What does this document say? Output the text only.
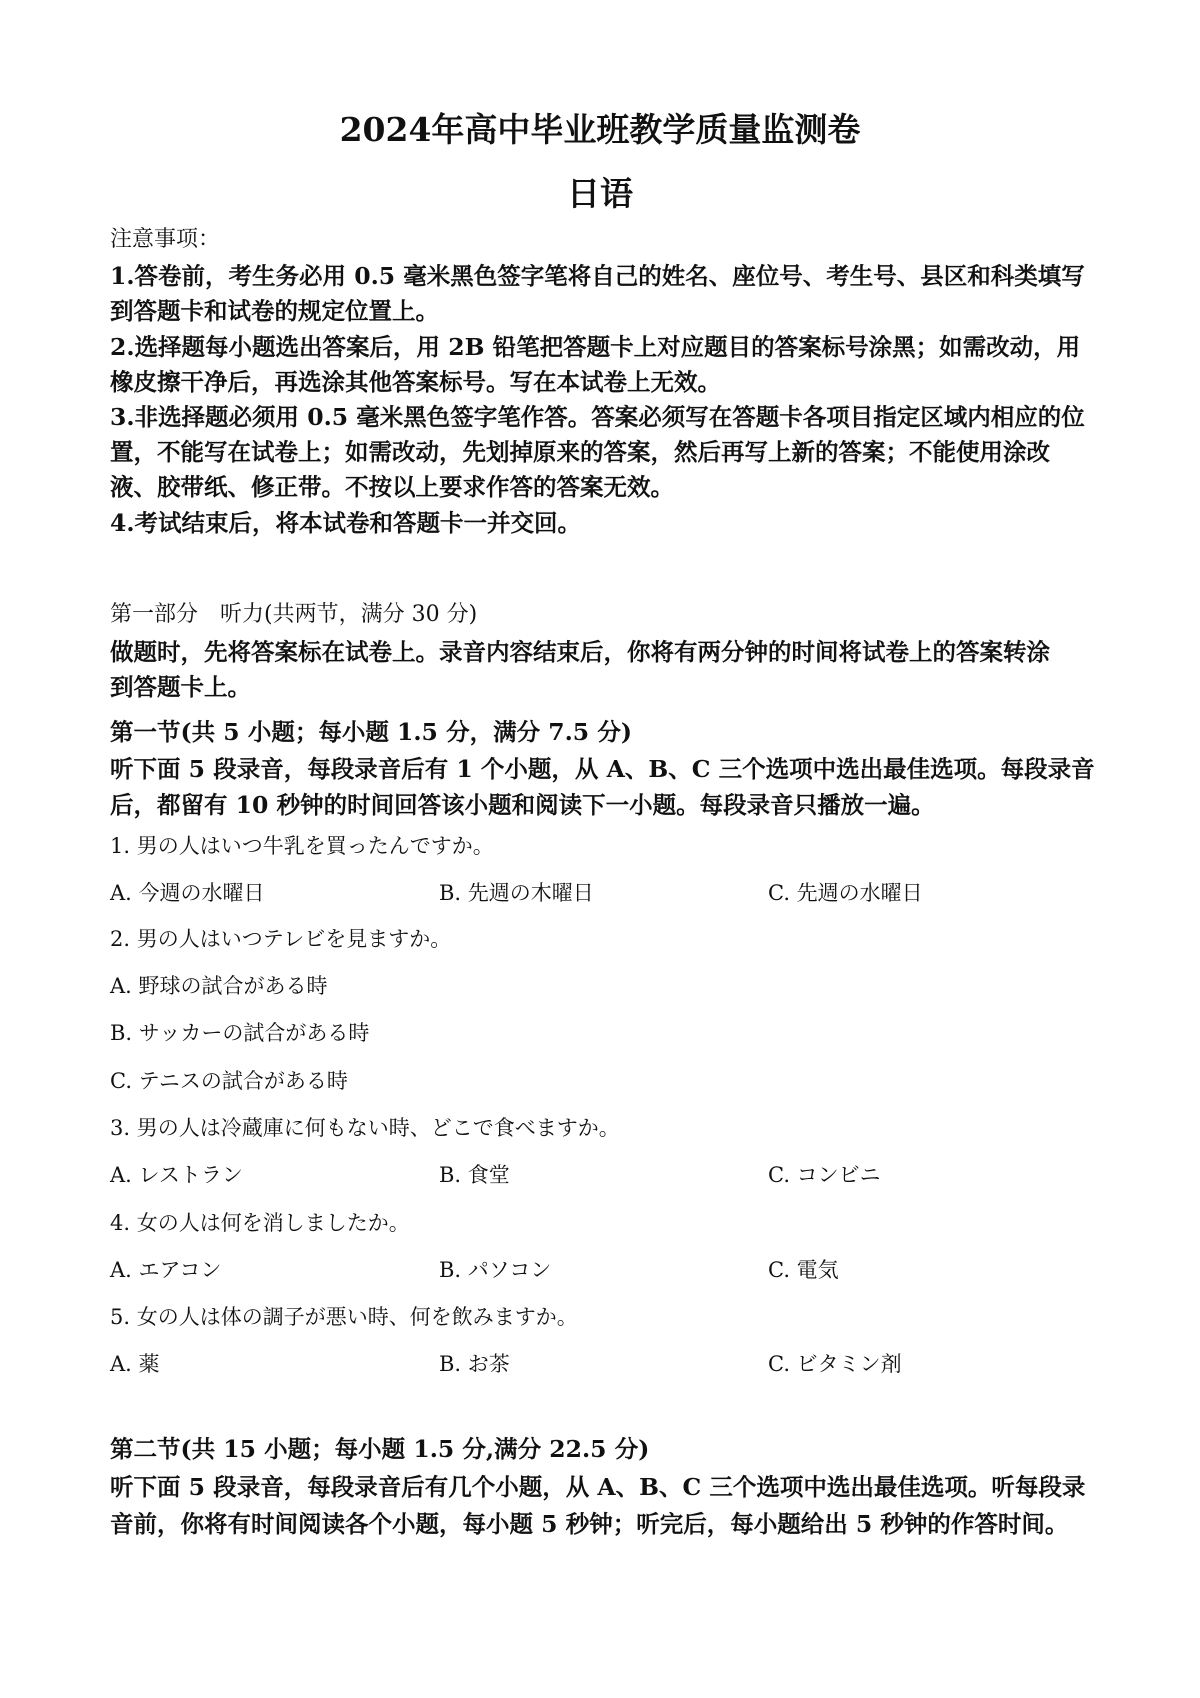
2024年高中毕业班教学质量监测卷
日语
注意事项：
1.答卷前，考生务必用 0.5 毫米黑色签字笔将自己的姓名、座位号、考生号、县区和科类填写
到答题卡和试卷的规定位置上。
2.选择题每小题选出答案后，用 2B 铅笔把答题卡上对应题目的答案标号涂黑；如需改动，用
橡皮擦干净后，再选涂其他答案标号。写在本试卷上无效。
3.非选择题必须用 0.5 毫米黑色签字笔作答。答案必须写在答题卡各项目指定区域内相应的位
置，不能写在试卷上；如需改动，先划掉原来的答案，然后再写上新的答案；不能使用涂改
液、胶带纸、修正带。不按以上要求作答的答案无效。
4.考试结束后，将本试卷和答题卡一并交回。
第一部分　听力(共两节，满分 30 分)
做题时，先将答案标在试卷上。录音内容结束后，你将有两分钟的时间将试卷上的答案转涂
到答题卡上。
第一节(共 5 小题；每小题 1.5 分，满分 7.5 分)
听下面 5 段录音，每段录音后有 1 个小题，从 A、B、C 三个选项中选出最佳选项。每段录音
后，都留有 10 秒钟的时间回答该小题和阅读下一小题。每段录音只播放一遍。
1. 男の人はいつ牛乳を買ったんですか。
A. 今週の水曜日	B. 先週の木曜日	C. 先週の水曜日
2. 男の人はいつテレビを見ますか。
A. 野球の試合がある時
B. サッカーの試合がある時
C. テニスの試合がある時
3. 男の人は冷蔵庫に何もない時、どこで食べますか。
A. レストラン	B. 食堂	C. コンビニ
4. 女の人は何を消しましたか。
A. エアコン	B. パソコン	C. 電気
5. 女の人は体の調子が悪い時、何を飲みますか。
A. 薬	B. お茶	C. ビタミン剤
第二节(共 15 小题；每小题 1.5 分,满分 22.5 分)
听下面 5 段录音，每段录音后有几个小题，从 A、B、C 三个选项中选出最佳选项。听每段录
音前，你将有时间阅读各个小题，每小题 5 秒钟；听完后，每小题给出 5 秒钟的作答时间。
